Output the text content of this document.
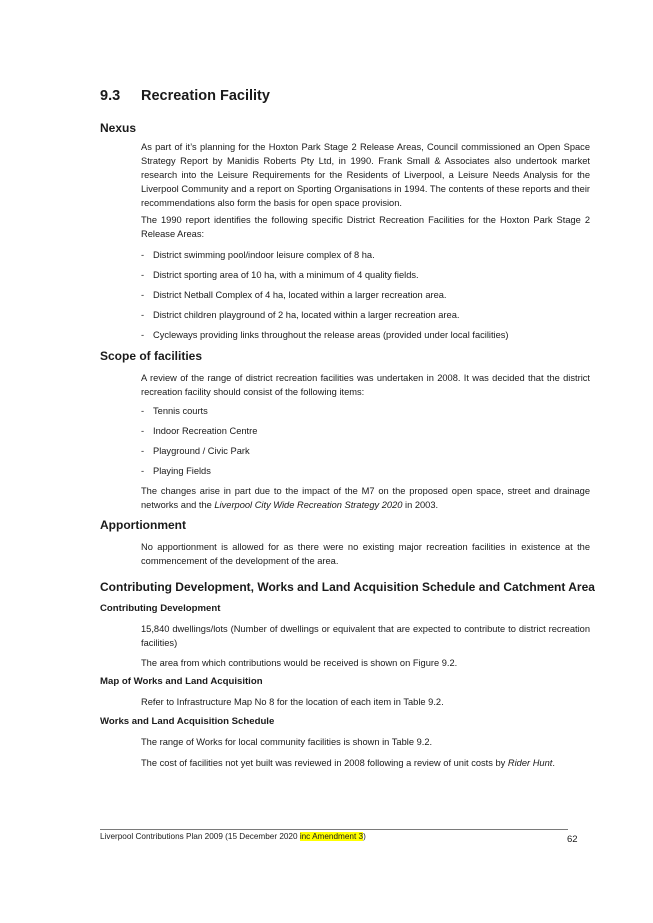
9.3 Recreation Facility
Nexus
As part of it’s planning for the Hoxton Park Stage 2 Release Areas, Council commissioned an Open Space Strategy Report by Manidis Roberts Pty Ltd, in 1990. Frank Small & Associates also undertook market research into the Leisure Requirements for the Residents of Liverpool, a Leisure Needs Analysis for the Liverpool Community and a report on Sporting Organisations in 1994. The contents of these reports and their recommendations also form the basis for open space provision.
The 1990 report identifies the following specific District Recreation Facilities for the Hoxton Park Stage 2 Release Areas:
- District swimming pool/indoor leisure complex of 8 ha.
- District sporting area of 10 ha, with a minimum of 4 quality fields.
- District Netball Complex of 4 ha, located within a larger recreation area.
- District children playground of 2 ha, located within a larger recreation area.
- Cycleways providing links throughout the release areas (provided under local facilities)
Scope of facilities
A review of the range of district recreation facilities was undertaken in 2008. It was decided that the district recreation facility should consist of the following items:
- Tennis courts
- Indoor Recreation Centre
- Playground / Civic Park
- Playing Fields
The changes arise in part due to the impact of the M7 on the proposed open space, street and drainage networks and the Liverpool City Wide Recreation Strategy 2020 in 2003.
Apportionment
No apportionment is allowed for as there were no existing major recreation facilities in existence at the commencement of the development of the area.
Contributing Development, Works and Land Acquisition Schedule and Catchment Area
Contributing Development
15,840 dwellings/lots (Number of dwellings or equivalent that are expected to contribute to district recreation facilities)
The area from which contributions would be received is shown on Figure 9.2.
Map of Works and Land Acquisition
Refer to Infrastructure Map No 8 for the location of each item in Table 9.2.
Works and Land Acquisition Schedule
The range of Works for local community facilities is shown in Table 9.2.
The cost of facilities not yet built was reviewed in 2008 following a review of unit costs by Rider Hunt.
Liverpool Contributions Plan 2009 (15 December 2020 inc Amendment 3)	62
